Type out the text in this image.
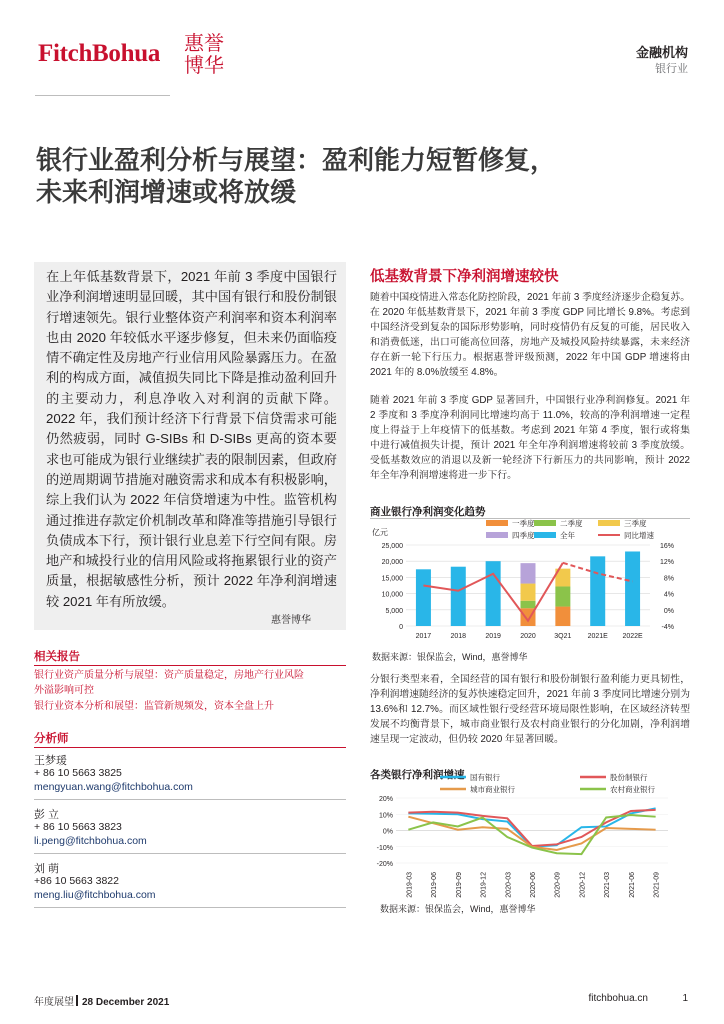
FitchBohua	惠誉博华
金融机构
银行业
银行业盈利分析与展望：盈利能力短暂修复，
未来利润增速或将放缓
在上年低基数背景下，2021 年前 3 季度中国银行业净利润增速明显回暖，其中国有银行和股份制银行增速领先。银行业整体资产利润率和资本利润率也由 2020 年较低水平逐步修复，但未来仍面临疫情不确定性及房地产行业信用风险暴露压力。在盈利的构成方面，减值损失同比下降是推动盈利回升的主要动力，利息净收入对利润的贡献下降。2022 年，我们预计经济下行背景下信贷需求可能仍然疲弱，同时 G-SIBs 和 D-SIBs 更高的资本要求也可能成为银行业继续扩表的限制因素，但政府的逆周期调节措施对融资需求和成本有积极影响，综上我们认为 2022 年信贷增速为中性。监管机构通过推进存款定价机制改革和降准等措施引导银行负债成本下行，预计银行业息差下行空间有限。房地产和城投行业的信用风险或将拖累银行业的资产质量，根据敏感性分析，预计 2022 年净利润增速较 2021 年有所放缓。
惠誉博华
相关报告
银行业资产质量分析与展望：资产质量稳定，房地产行业风险外溢影响可控
银行业资本分析和展望：监管新规频发，资本全盘上升
分析师
王梦瑗
+ 86 10 5663 3825
mengyuan.wang@fitchbohua.com
彭 立
+ 86 10 5663 3823
li.peng@fitchbohua.com
刘 萌
+86 10 5663 3822
meng.liu@fitchbohua.com
低基数背景下净利润增速较快
随着中国疫情进入常态化防控阶段，2021 年前 3 季度经济逐步企稳复苏。在 2020 年低基数背景下，2021 年前 3 季度 GDP 同比增长 9.8%。考虑到中国经济受到复杂的国际形势影响，同时疫情仍有反复的可能，居民收入和消费低迷，出口可能高位回落，房地产及城投风险持续暴露，未来经济存在新一轮下行压力。根据惠誉评级预测，2022 年中国 GDP 增速将由 2021 年的 8.0%放缓至 4.8%。
随着 2021 年前 3 季度 GDP 显著回升，中国银行业净利润修复。2021 年 2 季度和 3 季度净利润同比增速均高于 11.0%，较高的净利润增速一定程度上得益于上年疫情下的低基数。考虑到 2021 年第 4 季度，银行或将集中进行减值损失计提，预计 2021 年全年净利润增速将较前 3 季度放缓。受低基数效应的消退以及新一轮经济下行新压力的共同影响，预计 2022 年全年净利润增速将进一步下行。
商业银行净利润变化趋势
亿元
一季度	二季度	三季度
四季度	全年	同比增速
0
5,000
10,000
15,000
20,000
25,000
-4%
0%
4%
8%
12%
16%
2017	2018	2019	2020	3Q21 2021E 2022E
数据来源：银保监会，Wind，惠誉博华
分银行类型来看，全国经营的国有银行和股份制银行盈利能力更具韧性，净利润增速随经济的复苏快速稳定回升，2021 年前 3 季度同比增速分别为 13.6%和 12.7%。而区域性银行受经营环境局限性影响，在区域经济转型发展不均衡背景下，城市商业银行及农村商业银行的分化加剧，净利润增速呈现一定波动，但仍较 2020 年显著回暖。
各类银行净利润增速 国有银行	股份制银行
城市商业银行	农村商业银行
20%
10%
0%
-10%
-20%
2019-03	2019-06	2019-09	2019-12	2020-03	2020-06	2020-09	2020-12	2021-03	2021-06	2021-09
数据来源：银保监会，Wind，惠誉博华
年度展望 28 December 2021	fitchbohua.cn	1
